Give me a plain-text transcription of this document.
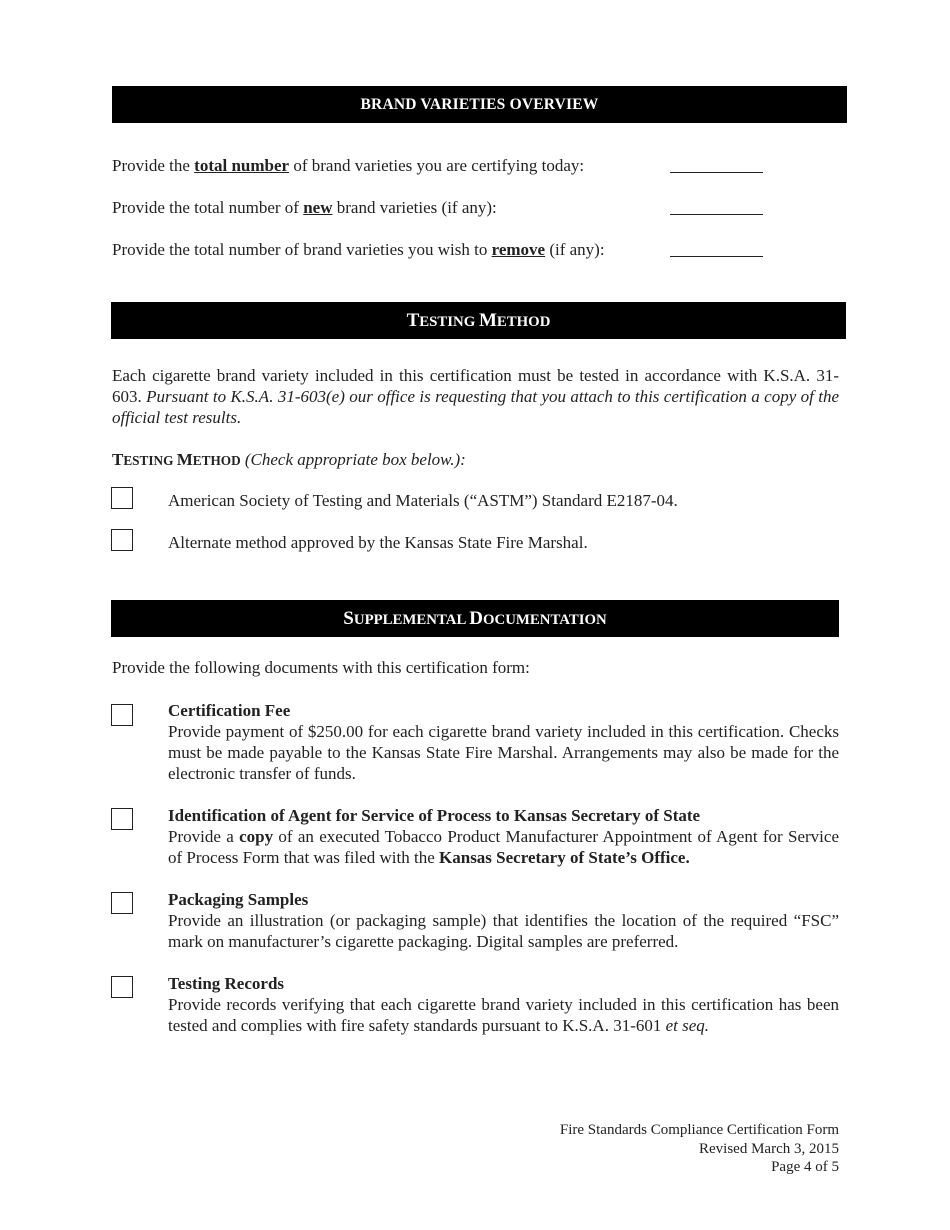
BRAND VARIETIES OVERVIEW
Provide the total number of brand varieties you are certifying today:
Provide the total number of new brand varieties (if any):
Provide the total number of brand varieties you wish to remove (if any):
TESTING METHOD
Each cigarette brand variety included in this certification must be tested in accordance with K.S.A. 31-603. Pursuant to K.S.A. 31-603(e) our office is requesting that you attach to this certification a copy of the official test results.
TESTING METHOD (Check appropriate box below.):
American Society of Testing and Materials (“ASTM”) Standard E2187-04.
Alternate method approved by the Kansas State Fire Marshal.
SUPPLEMENTAL DOCUMENTATION
Provide the following documents with this certification form:
Certification Fee
Provide payment of $250.00 for each cigarette brand variety included in this certification. Checks must be made payable to the Kansas State Fire Marshal. Arrangements may also be made for the electronic transfer of funds.
Identification of Agent for Service of Process to Kansas Secretary of State
Provide a copy of an executed Tobacco Product Manufacturer Appointment of Agent for Service of Process Form that was filed with the Kansas Secretary of State’s Office.
Packaging Samples
Provide an illustration (or packaging sample) that identifies the location of the required “FSC” mark on manufacturer’s cigarette packaging. Digital samples are preferred.
Testing Records
Provide records verifying that each cigarette brand variety included in this certification has been tested and complies with fire safety standards pursuant to K.S.A. 31-601 et seq.
Fire Standards Compliance Certification Form
Revised March 3, 2015
Page 4 of 5
